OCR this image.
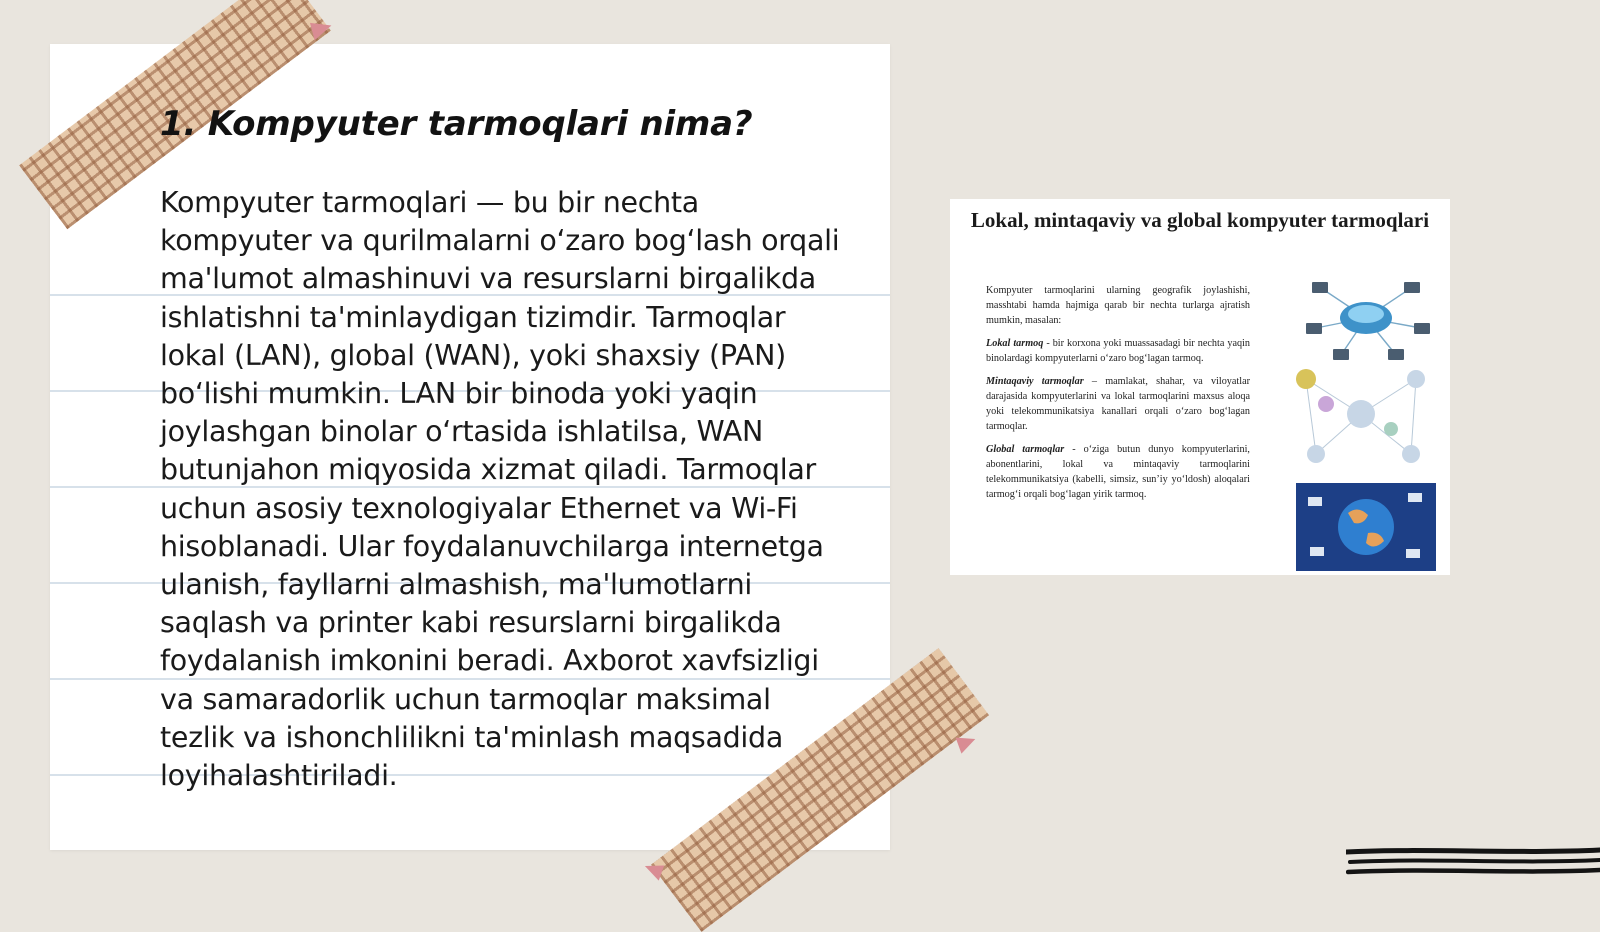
1. Kompyuter tarmoqlari nima?

Kompyuter tarmoqlari — bu bir nechta kompyuter va qurilmalarni o‘zaro bog‘lash orqali ma'lumot almashinuvi va resurslarni birgalikda ishlatishni ta'minlaydigan tizimdir. Tarmoqlar lokal (LAN), global (WAN), yoki shaxsiy (PAN) bo‘lishi mumkin. LAN bir binoda yoki yaqin joylashgan binolar o‘rtasida ishlatilsa, WAN butunjahon miqyosida xizmat qiladi. Tarmoqlar uchun asosiy texnologiyalar Ethernet va Wi-Fi hisoblanadi. Ular foydalanuvchilarga internetga ulanish, fayllarni almashish, ma'lumotlarni saqlash va printer kabi resurslarni birgalikda foydalanish imkonini beradi. Axborot xavfsizligi va samaradorlik uchun tarmoqlar maksimal tezlik va ishonchlilikni ta'minlash maqsadida loyihalashtiriladi.

Lokal, mintaqaviy va global kompyuter tarmoqlari

Kompyuter tarmoqlarini ularning geografik joylashishi, masshtabi hamda hajmiga qarab bir nechta turlarga ajratish mumkin, masalan:

Lokal tarmoq - bir korxona yoki muassasadagi bir nechta yaqin binolardagi kompyuterlarni o‘zaro bog‘lagan tarmoq.

Mintaqaviy tarmoqlar – mamlakat, shahar, va viloyatlar darajasida kompyuterlarini va lokal tarmoqlarini maxsus aloqa yoki telekommunikatsiya kanallari orqali o‘zaro bog‘lagan tarmoqlar.

Global tarmoqlar - o‘ziga butun dunyo kompyuterlarini, abonentlarini, lokal va mintaqaviy tarmoqlarini telekommunikatsiya (kabelli, simsiz, sun’iy yo‘ldosh) aloqalari tarmog‘i orqali bog‘lagan yirik tarmoq.
